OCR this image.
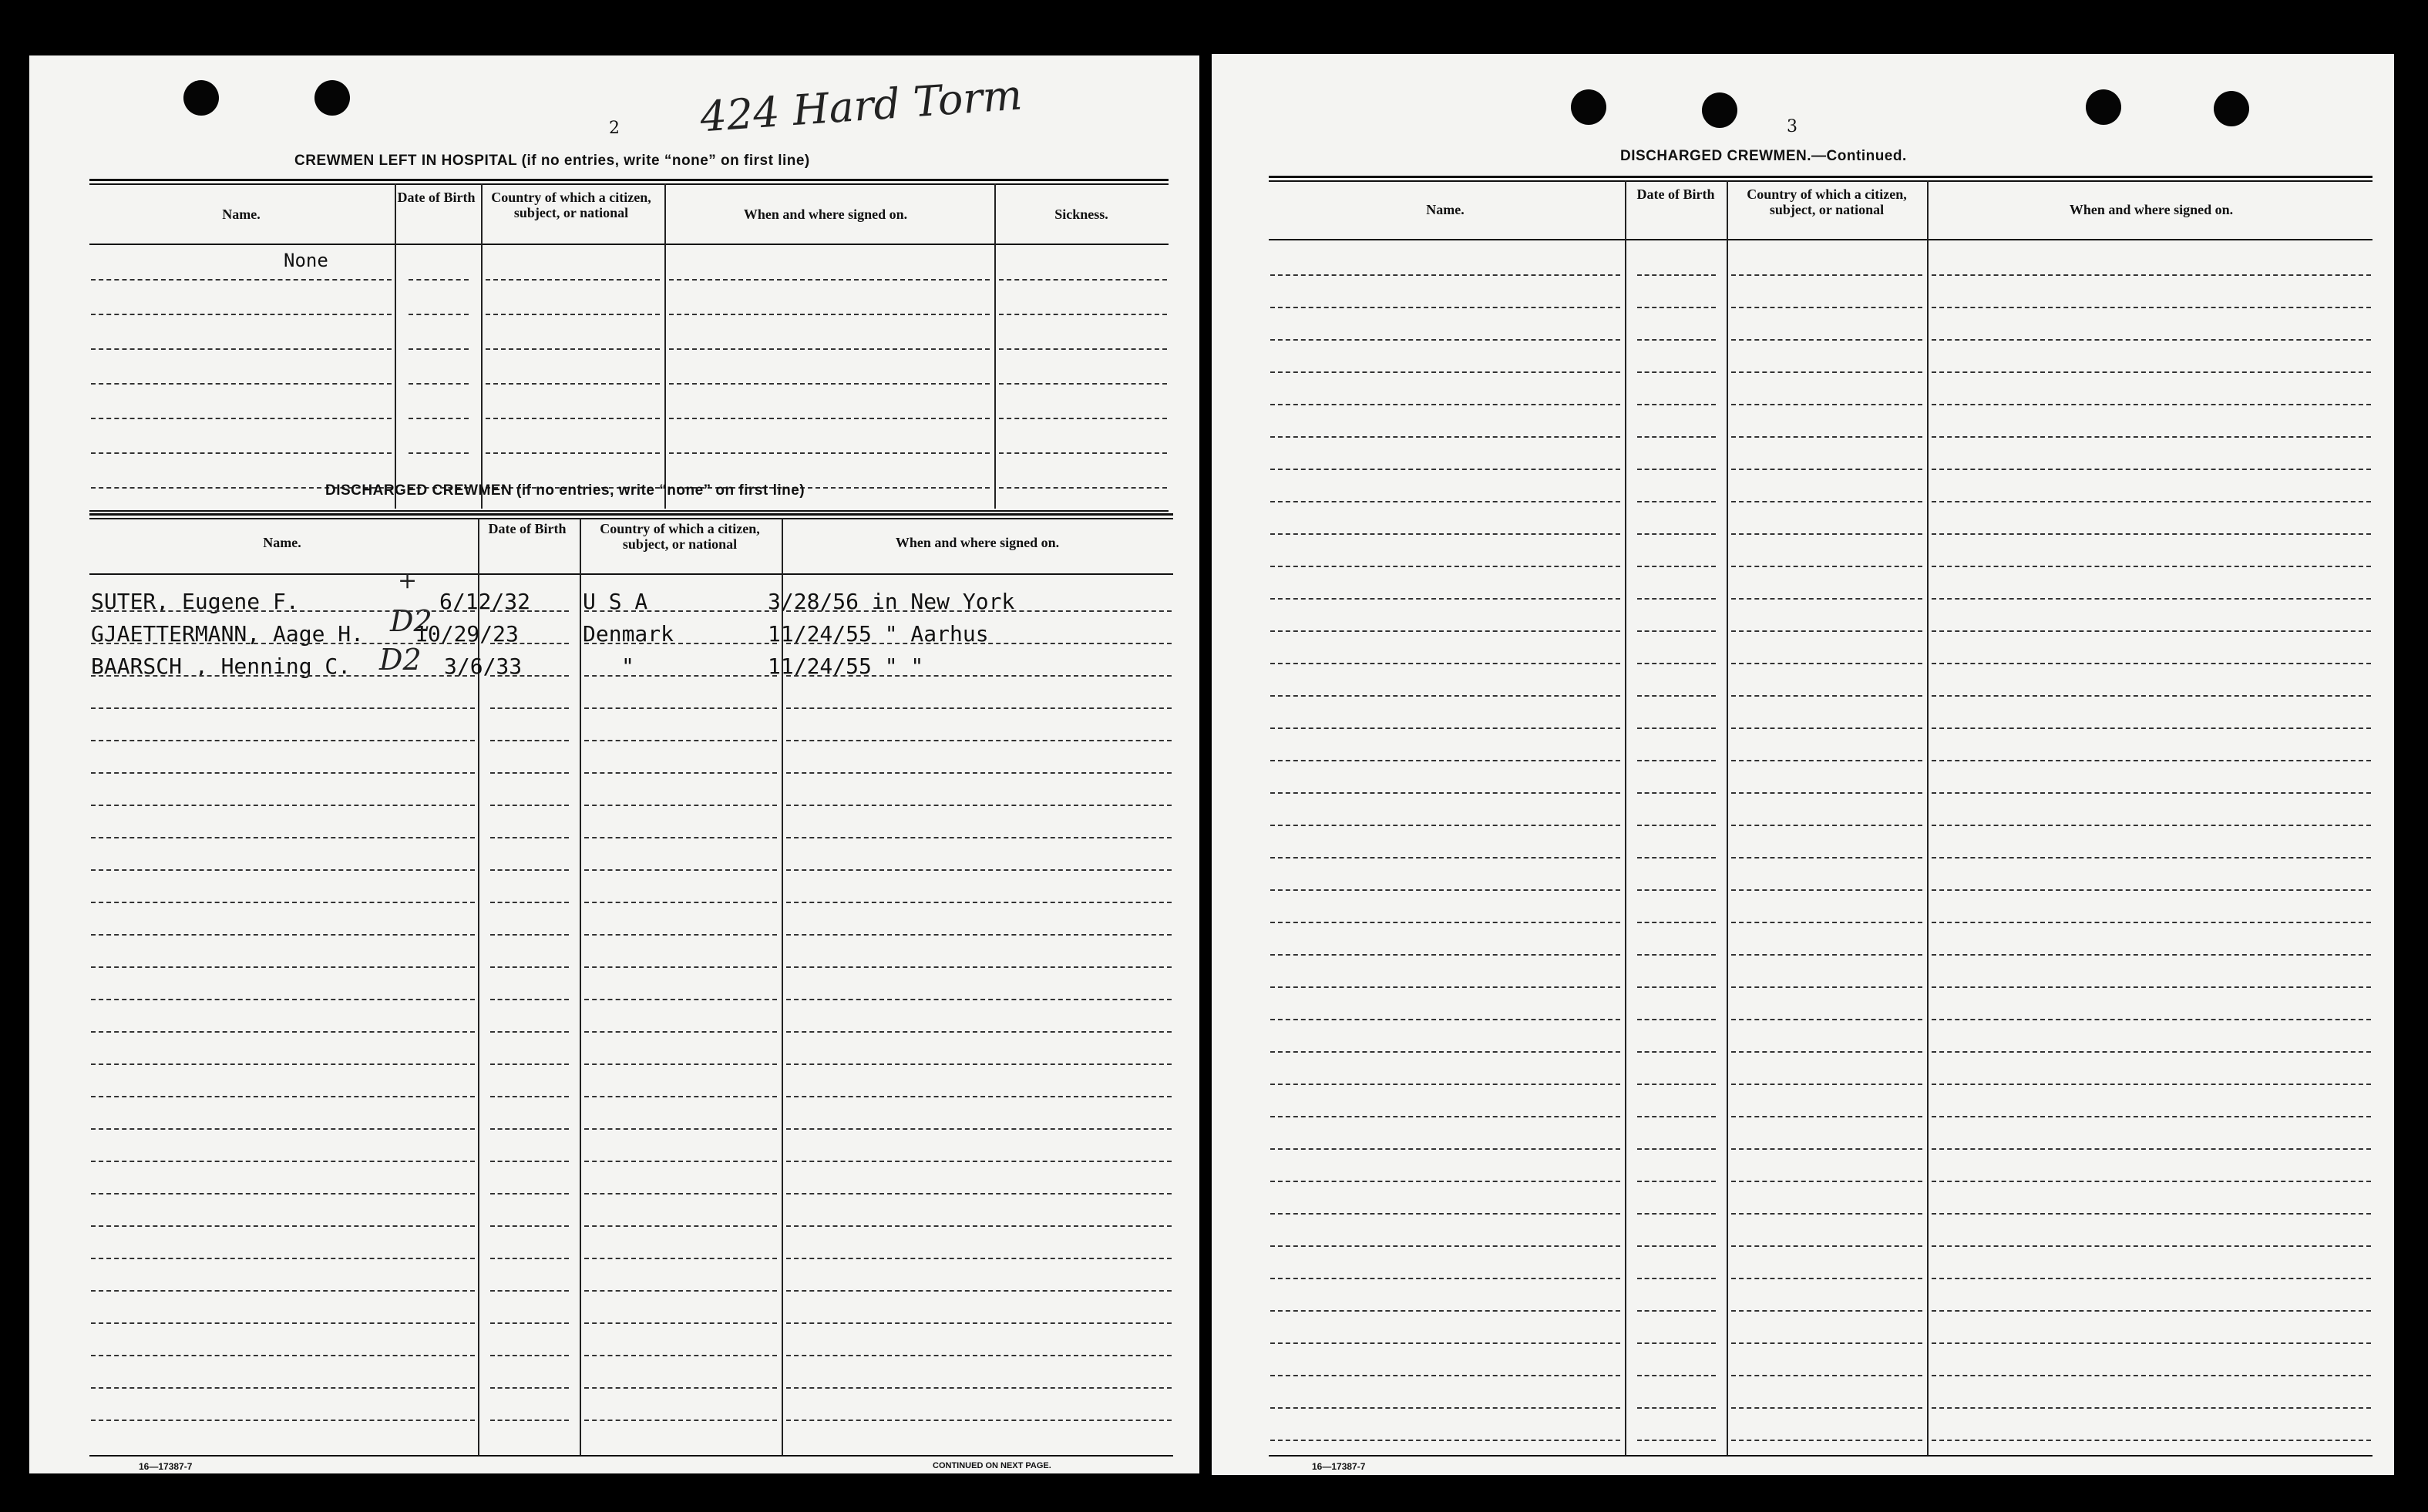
2 424 Hard Torm
CREWMEN LEFT IN HOSPITAL (if no entries, write “none” on first line)
Name.
Date of Birth	Country of which a citizen, subject, or national	When and where signed on.	Sickness.
None
DISCHARGED CREWMEN (if no entries, write “none” on first line)
Name.
Date of Birth	Country of which a citizen, subject, or national	When and where signed on.
SUTER, Eugene F.	6/12/32 U S A	3/28/56 in New York
+
GJAETTERMANN, Aage H. 10/29/23	Denmark	11/24/55 " Aarhus
D2
BAARSCH , Henning C.	3/6/33	"	11/24/55 " "
D2
16—17387-7	CONTINUED ON NEXT PAGE.
3
DISCHARGED CREWMEN.—Continued.
Name.
Date of Birth	Country of which a citizen, subject, or national	When and where signed on.
16—17387-7
